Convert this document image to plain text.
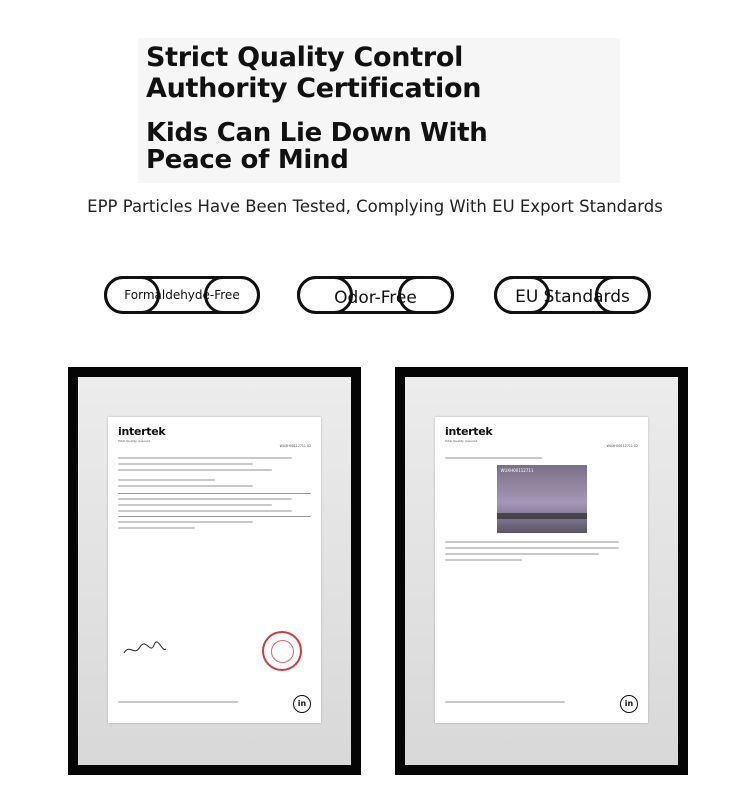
Strict Quality Control Authority Certification
Kids Can Lie Down With Peace of Mind

EPP Particles Have Been Tested, Complying With EU Export Standards

Formaldehyde-Free	Odor-Free	EU Standards
intertek
Total Quality. Assured.
WUXH00112711 02
in
intertek
Total Quality. Assured.
WUXH00112711 02
WUXH00112711
in
